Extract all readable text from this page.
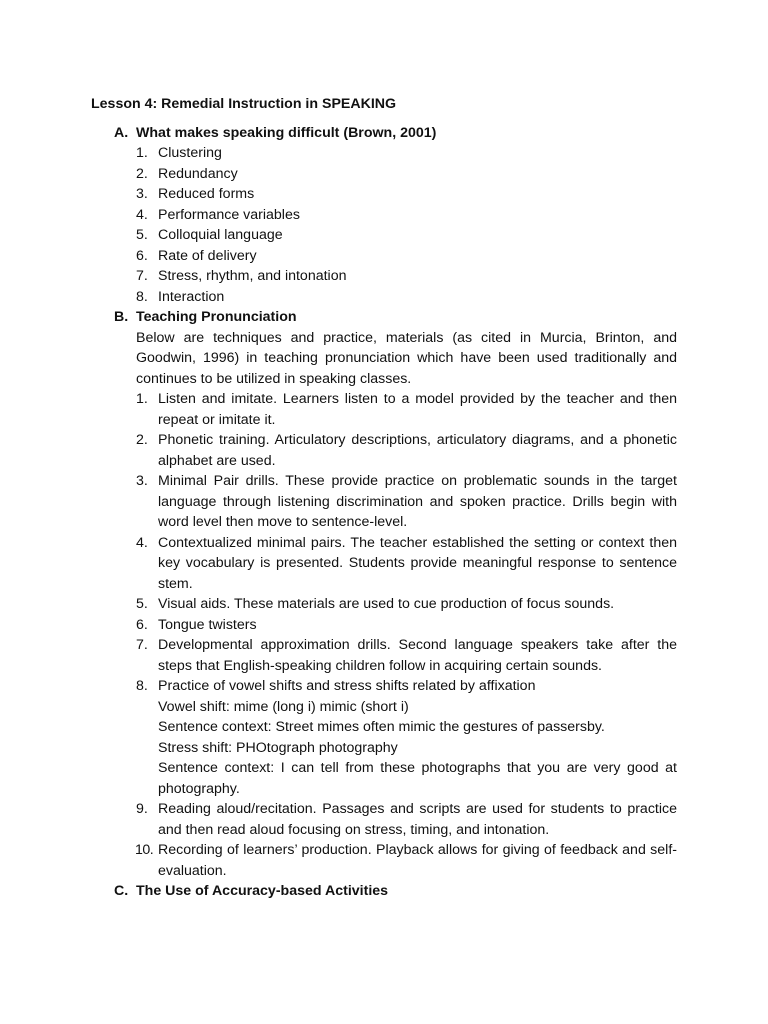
Lesson 4: Remedial Instruction in SPEAKING
A. What makes speaking difficult (Brown, 2001)
1. Clustering
2. Redundancy
3. Reduced forms
4. Performance variables
5. Colloquial language
6. Rate of delivery
7. Stress, rhythm, and intonation
8. Interaction
B. Teaching Pronunciation

Below are techniques and practice, materials (as cited in Murcia, Brinton, and Goodwin, 1996) in teaching pronunciation which have been used traditionally and continues to be utilized in speaking classes.

1. Listen and imitate. Learners listen to a model provided by the teacher and then repeat or imitate it.
2. Phonetic training. Articulatory descriptions, articulatory diagrams, and a phonetic alphabet are used.
3. Minimal Pair drills. These provide practice on problematic sounds in the target language through listening discrimination and spoken practice. Drills begin with word level then move to sentence-level.
4. Contextualized minimal pairs. The teacher established the setting or context then key vocabulary is presented. Students provide meaningful response to sentence stem.
5. Visual aids. These materials are used to cue production of focus sounds.
6. Tongue twisters
7. Developmental approximation drills. Second language speakers take after the steps that English-speaking children follow in acquiring certain sounds.
8. Practice of vowel shifts and stress shifts related by affixation
Vowel shift: mime (long i) mimic (short i)
Sentence context: Street mimes often mimic the gestures of passersby.
Stress shift: PHOtograph photography
Sentence context: I can tell from these photographs that you are very good at photography.
9. Reading aloud/recitation. Passages and scripts are used for students to practice and then read aloud focusing on stress, timing, and intonation.
10. Recording of learners’ production. Playback allows for giving of feedback and self-evaluation.
C. The Use of Accuracy-based Activities
